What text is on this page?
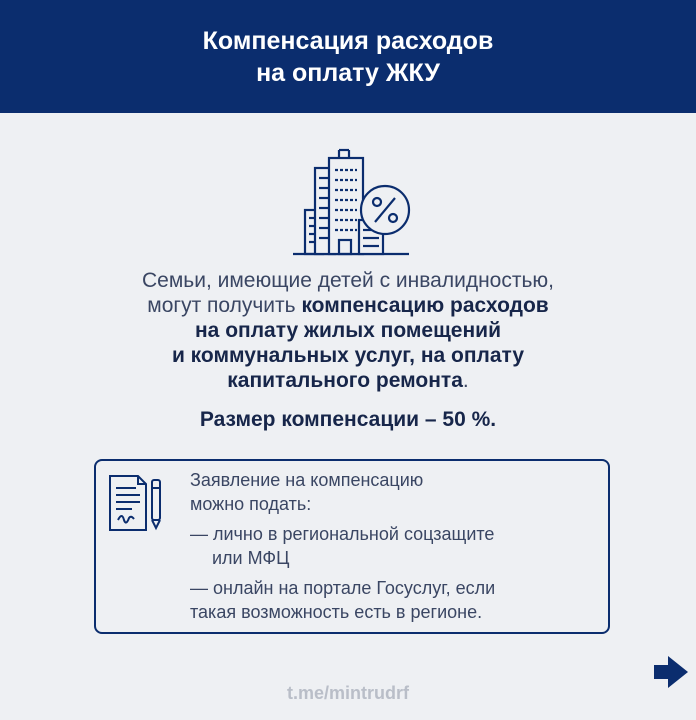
Компенсация расходов
на оплату ЖКУ
Семьи, имеющие детей с инвалидностью,
могут получить компенсацию расходов
на оплату жилых помещений
и коммунальных услуг, на оплату
капитального ремонта.
Размер компенсации – 50 %.
Заявление на компенсацию
можно подать:
— лично в региональной соцзащите
или МФЦ
— онлайн на портале Госуслуг, если
такая возможность есть в регионе.
t.me/mintrudrf
